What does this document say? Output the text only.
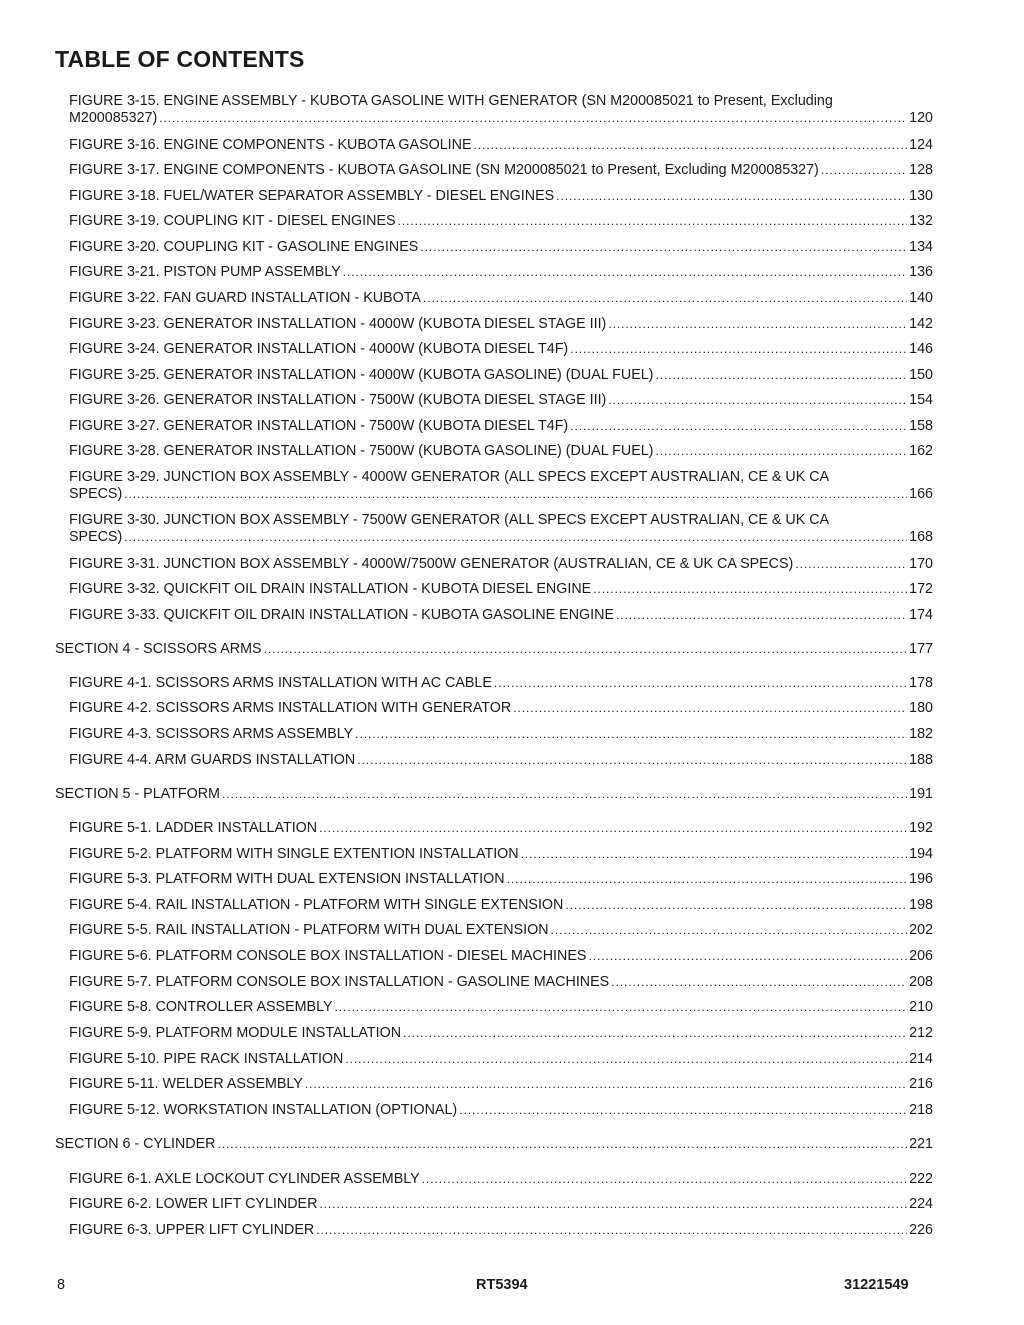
TABLE OF CONTENTS
FIGURE 3-15. ENGINE ASSEMBLY - KUBOTA GASOLINE WITH GENERATOR (SN M200085021 to Present, Excluding
M200085327) . . .	120
FIGURE 3-16. ENGINE COMPONENTS - KUBOTA GASOLINE . . .	124
FIGURE 3-17. ENGINE COMPONENTS - KUBOTA GASOLINE (SN M200085021 to Present, Excluding M200085327) . . .	128
FIGURE 3-18. FUEL/WATER SEPARATOR ASSEMBLY - DIESEL ENGINES . . .	130
FIGURE 3-19. COUPLING KIT - DIESEL ENGINES . . .	132
FIGURE 3-20. COUPLING KIT - GASOLINE ENGINES . . .	134
FIGURE 3-21. PISTON PUMP ASSEMBLY . . .	136
FIGURE 3-22. FAN GUARD INSTALLATION - KUBOTA . . .	140
FIGURE 3-23. GENERATOR INSTALLATION - 4000W (KUBOTA DIESEL STAGE III) . . .	142
FIGURE 3-24. GENERATOR INSTALLATION - 4000W (KUBOTA DIESEL T4F) . . .	146
FIGURE 3-25. GENERATOR INSTALLATION - 4000W (KUBOTA GASOLINE) (DUAL FUEL) . . .	150
FIGURE 3-26. GENERATOR INSTALLATION - 7500W (KUBOTA DIESEL STAGE III) . . .	154
FIGURE 3-27. GENERATOR INSTALLATION - 7500W (KUBOTA DIESEL T4F) . . .	158
FIGURE 3-28. GENERATOR INSTALLATION - 7500W (KUBOTA GASOLINE) (DUAL FUEL) . . .	162
FIGURE 3-29. JUNCTION BOX ASSEMBLY - 4000W GENERATOR (ALL SPECS EXCEPT AUSTRALIAN, CE & UK CA
SPECS) . . .	166
FIGURE 3-30. JUNCTION BOX ASSEMBLY - 7500W GENERATOR (ALL SPECS EXCEPT AUSTRALIAN, CE & UK CA
SPECS) . . .	168
FIGURE 3-31. JUNCTION BOX ASSEMBLY - 4000W/7500W GENERATOR (AUSTRALIAN, CE & UK CA SPECS) . . .	170
FIGURE 3-32. QUICKFIT OIL DRAIN INSTALLATION - KUBOTA DIESEL ENGINE . . .	172
FIGURE 3-33. QUICKFIT OIL DRAIN INSTALLATION - KUBOTA GASOLINE ENGINE . . .	174
SECTION 4 - SCISSORS ARMS . . .	177
FIGURE 4-1. SCISSORS ARMS INSTALLATION WITH AC CABLE . . .	178
FIGURE 4-2. SCISSORS ARMS INSTALLATION WITH GENERATOR . . .	180
FIGURE 4-3. SCISSORS ARMS ASSEMBLY . . .	182
FIGURE 4-4. ARM GUARDS INSTALLATION . . .	188
SECTION 5 - PLATFORM . . .	191
FIGURE 5-1. LADDER INSTALLATION . . .	192
FIGURE 5-2. PLATFORM WITH SINGLE EXTENTION INSTALLATION . . .	194
FIGURE 5-3. PLATFORM WITH DUAL EXTENSION INSTALLATION . . .	196
FIGURE 5-4. RAIL INSTALLATION - PLATFORM WITH SINGLE EXTENSION . . .	198
FIGURE 5-5. RAIL INSTALLATION - PLATFORM WITH DUAL EXTENSION . . .	202
FIGURE 5-6. PLATFORM CONSOLE BOX INSTALLATION - DIESEL MACHINES . . .	206
FIGURE 5-7. PLATFORM CONSOLE BOX INSTALLATION - GASOLINE MACHINES . . .	208
FIGURE 5-8. CONTROLLER ASSEMBLY . . .	210
FIGURE 5-9. PLATFORM MODULE INSTALLATION . . .	212
FIGURE 5-10. PIPE RACK INSTALLATION . . .	214
FIGURE 5-11. WELDER ASSEMBLY . . .	216
FIGURE 5-12. WORKSTATION INSTALLATION (OPTIONAL) . . .	218
SECTION 6 - CYLINDER . . .	221
FIGURE 6-1. AXLE LOCKOUT CYLINDER ASSEMBLY . . .	222
FIGURE 6-2. LOWER LIFT CYLINDER . . .	224
FIGURE 6-3. UPPER LIFT CYLINDER . . .	226
8	RT5394	31221549
